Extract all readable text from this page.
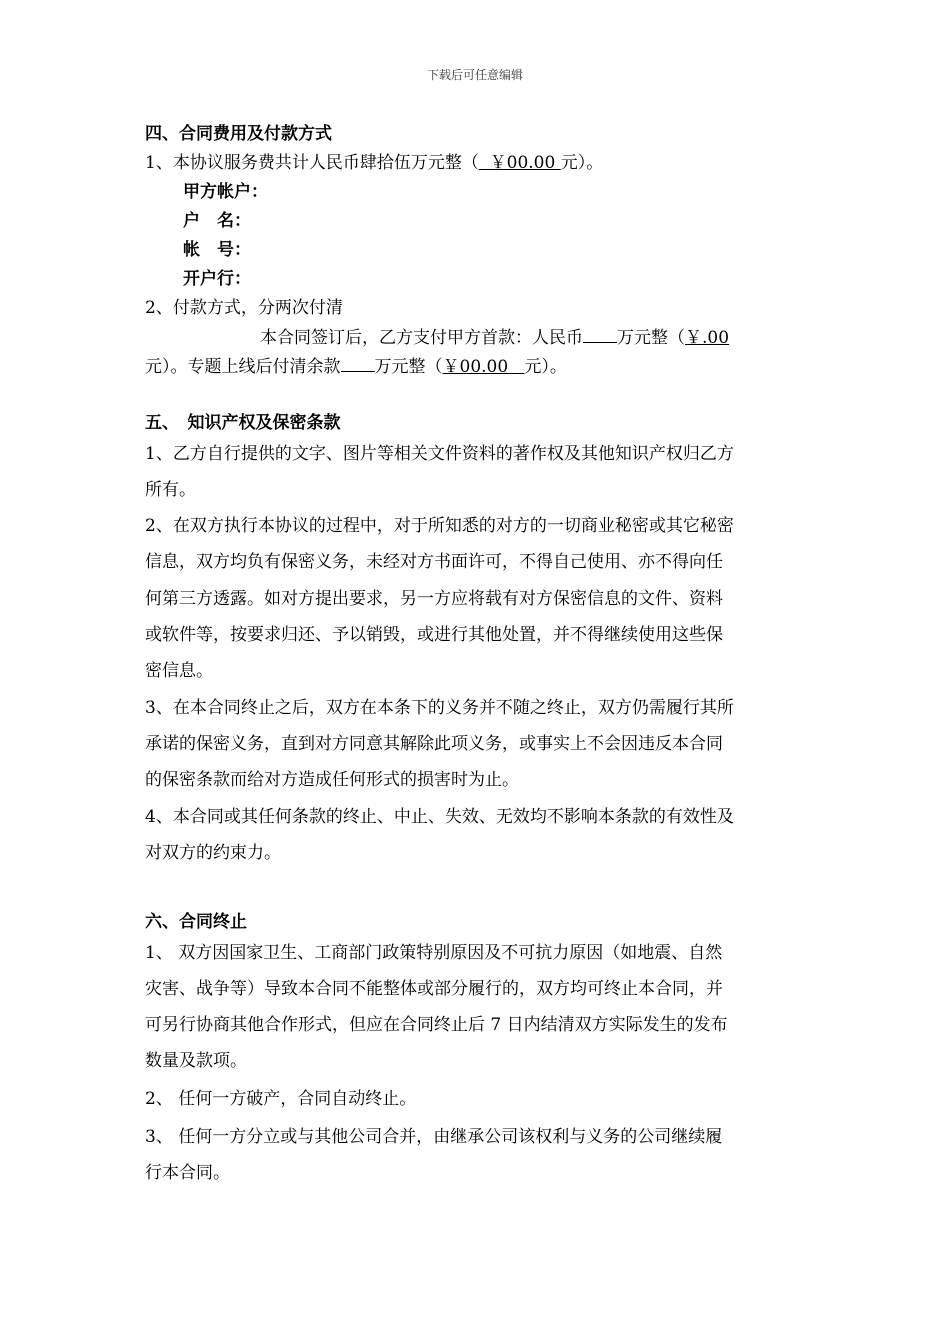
下载后可任意编辑
四、合同费用及付款方式
1、本协议服务费共计人民币肆拾伍万元整（  ￥00.00 元）。
甲方帐户：
户　名：
帐　号：
开户行：
2、付款方式，分两次付清
本合同签订后，乙方支付甲方首款：人民币 万元整（￥.00
元）。专题上线后付清余款 万元整（￥00.00   元）。
五、　知识产权及保密条款
1、乙方自行提供的文字、图片等相关文件资料的著作权及其他知识产权归乙方
所有。
2、在双方执行本协议的过程中，对于所知悉的对方的一切商业秘密或其它秘密
信息，双方均负有保密义务，未经对方书面许可，不得自己使用、亦不得向任
何第三方透露。如对方提出要求，另一方应将载有对方保密信息的文件、资料
或软件等，按要求归还、予以销毁，或进行其他处置，并不得继续使用这些保
密信息。
3、在本合同终止之后，双方在本条下的义务并不随之终止，双方仍需履行其所
承诺的保密义务，直到对方同意其解除此项义务，或事实上不会因违反本合同
的保密条款而给对方造成任何形式的损害时为止。
4、本合同或其任何条款的终止、中止、失效、无效均不影响本条款的有效性及
对双方的约束力。
六、合同终止
1、 双方因国家卫生、工商部门政策特别原因及不可抗力原因（如地震、自然
灾害、战争等）导致本合同不能整体或部分履行的，双方均可终止本合同，并
可另行协商其他合作形式，但应在合同终止后 7 日内结清双方实际发生的发布
数量及款项。
2、 任何一方破产，合同自动终止。
3、 任何一方分立或与其他公司合并，由继承公司该权利与义务的公司继续履
行本合同。
